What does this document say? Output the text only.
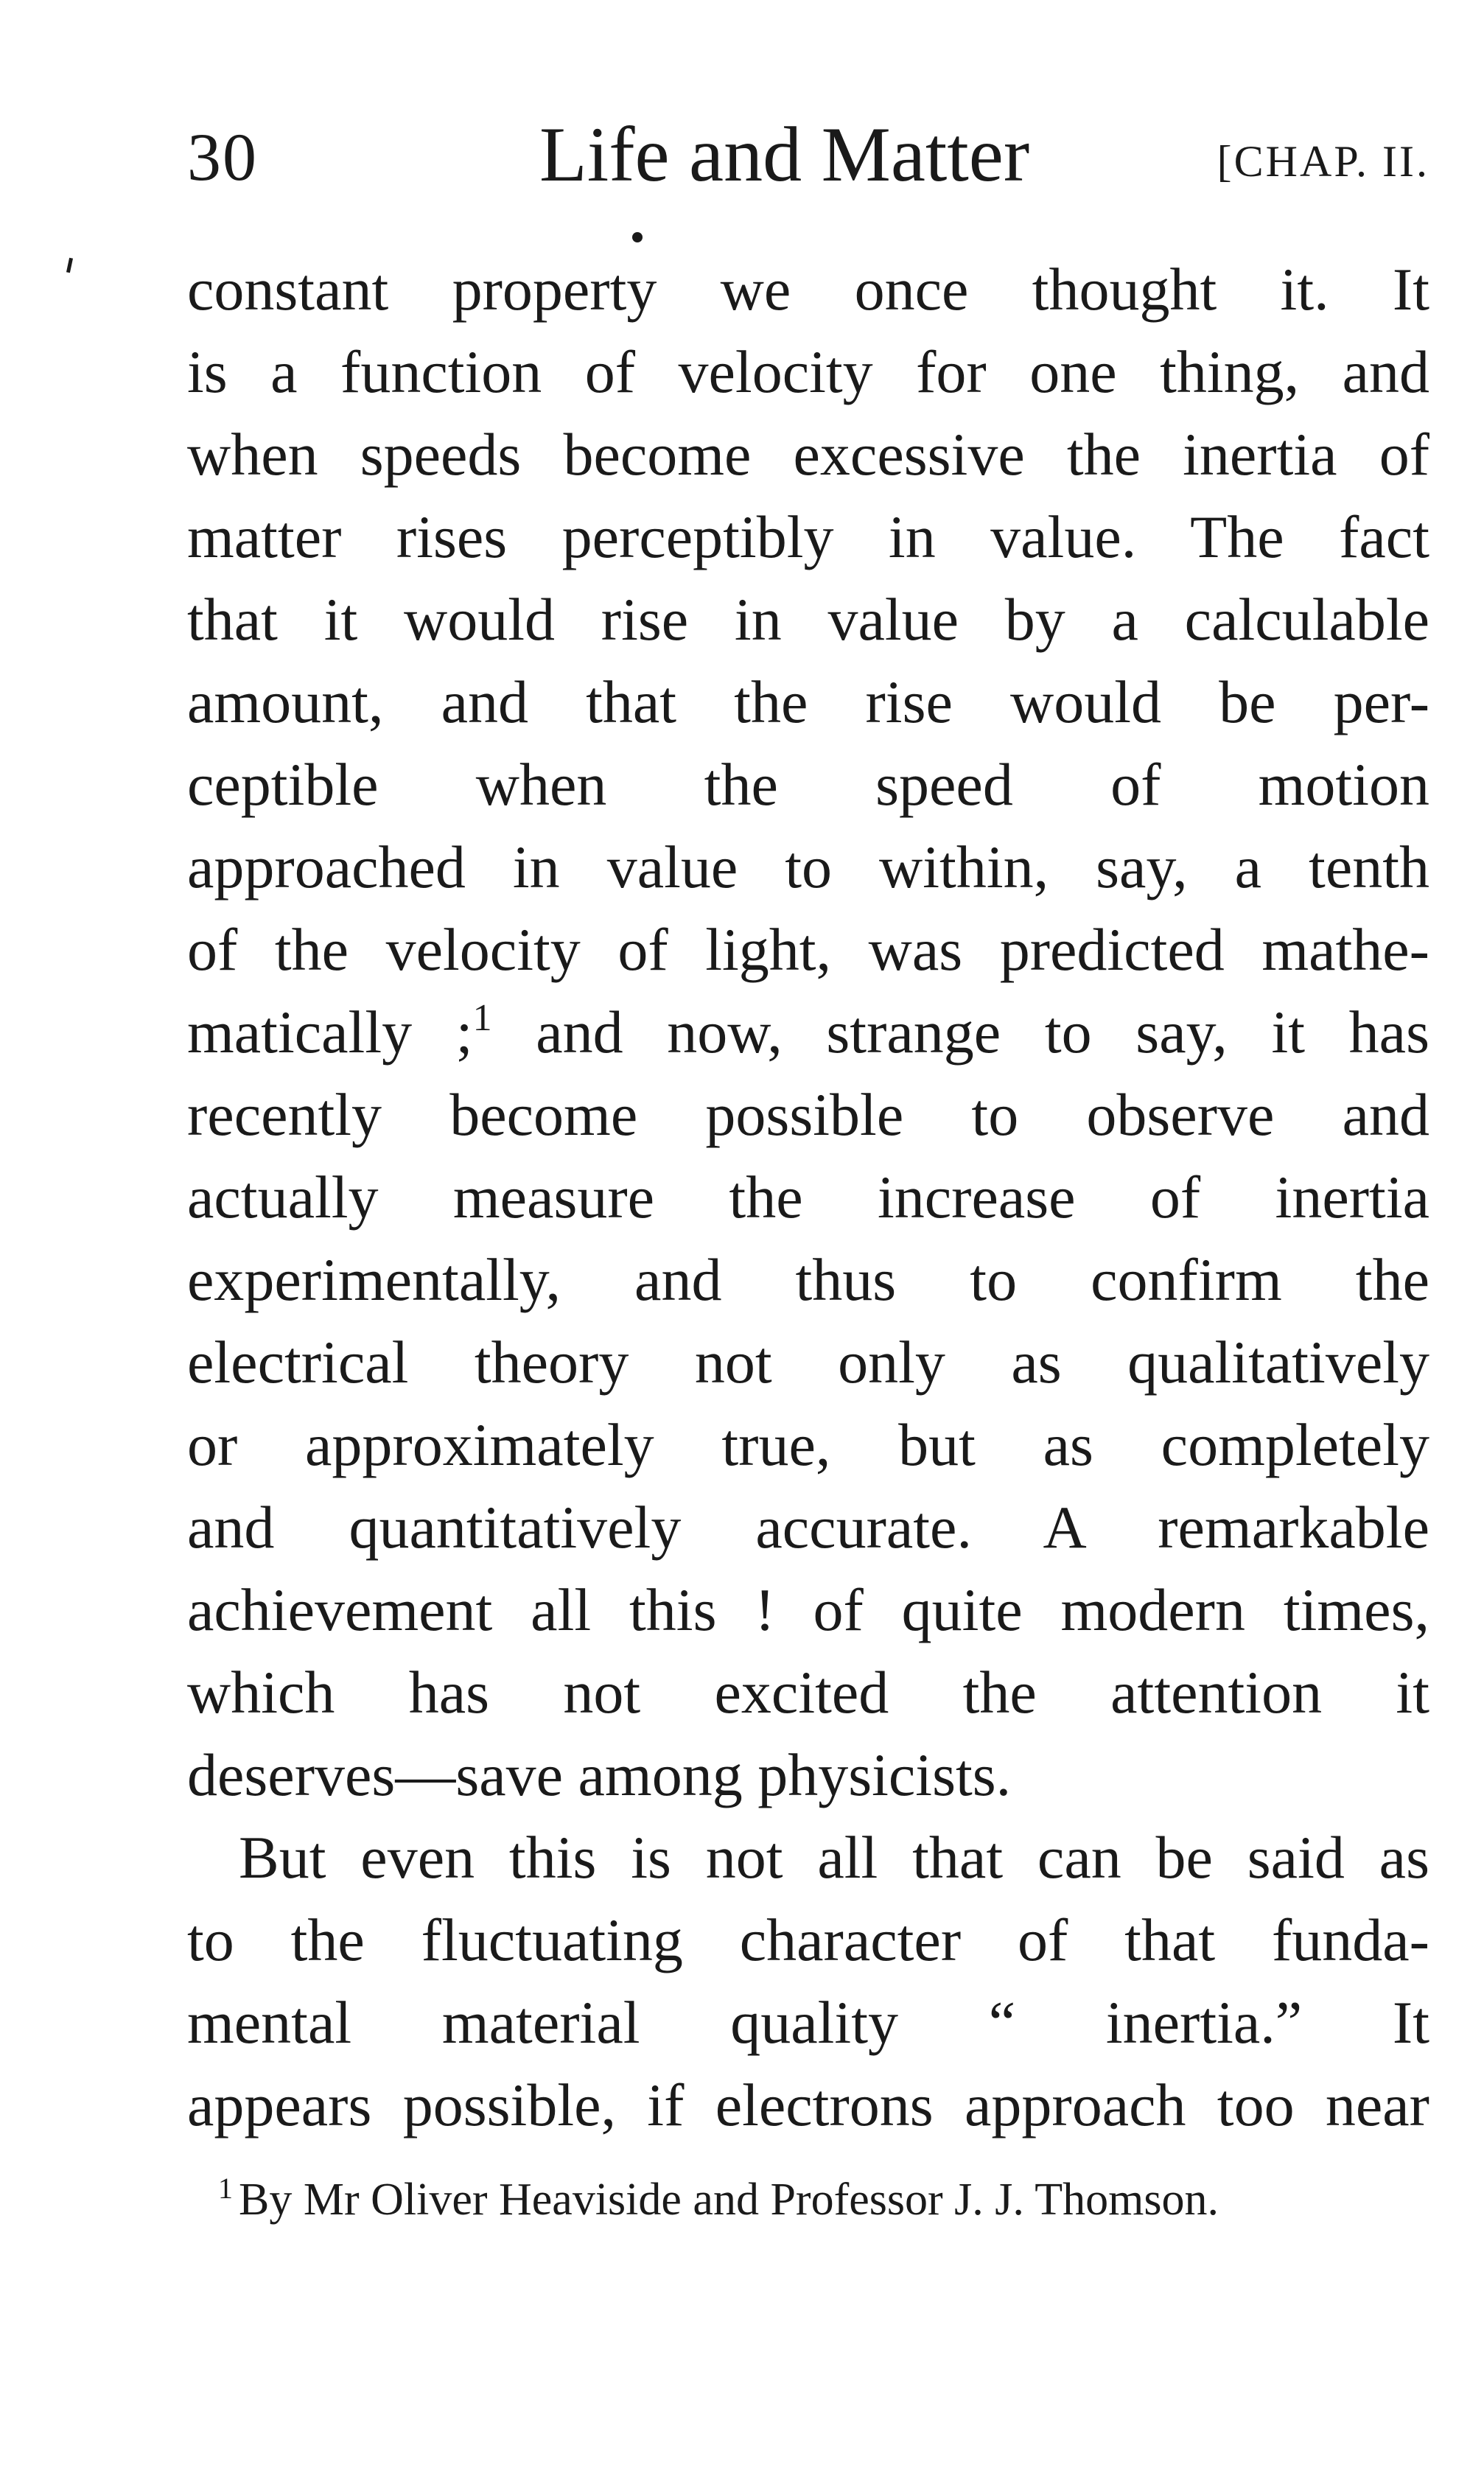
30	Life and Matter	[CHAP. II.
constant property we once thought it. It
is a function of velocity for one thing, and
when speeds become excessive the inertia of
matter rises perceptibly in value. The fact
that it would rise in value by a calculable
amount, and that the rise would be per-
ceptible when the speed of motion
approached in value to within, say, a tenth
of the velocity of light, was predicted mathe-
matically ;$^1$ and now, strange to say, it has
recently become possible to observe and
actually measure the increase of inertia
experimentally, and thus to confirm the
electrical theory not only as qualitatively
or approximately true, but as completely
and quantitatively accurate. A remarkable
achievement all this ! of quite modern times,
which has not excited the attention it
deserves—save among physicists.
But even this is not all that can be said as
to the fluctuating character of that funda-
mental material quality “ inertia.” It
appears possible, if electrons approach too near
$^1$ By Mr Oliver Heaviside and Professor J. J. Thomson.
